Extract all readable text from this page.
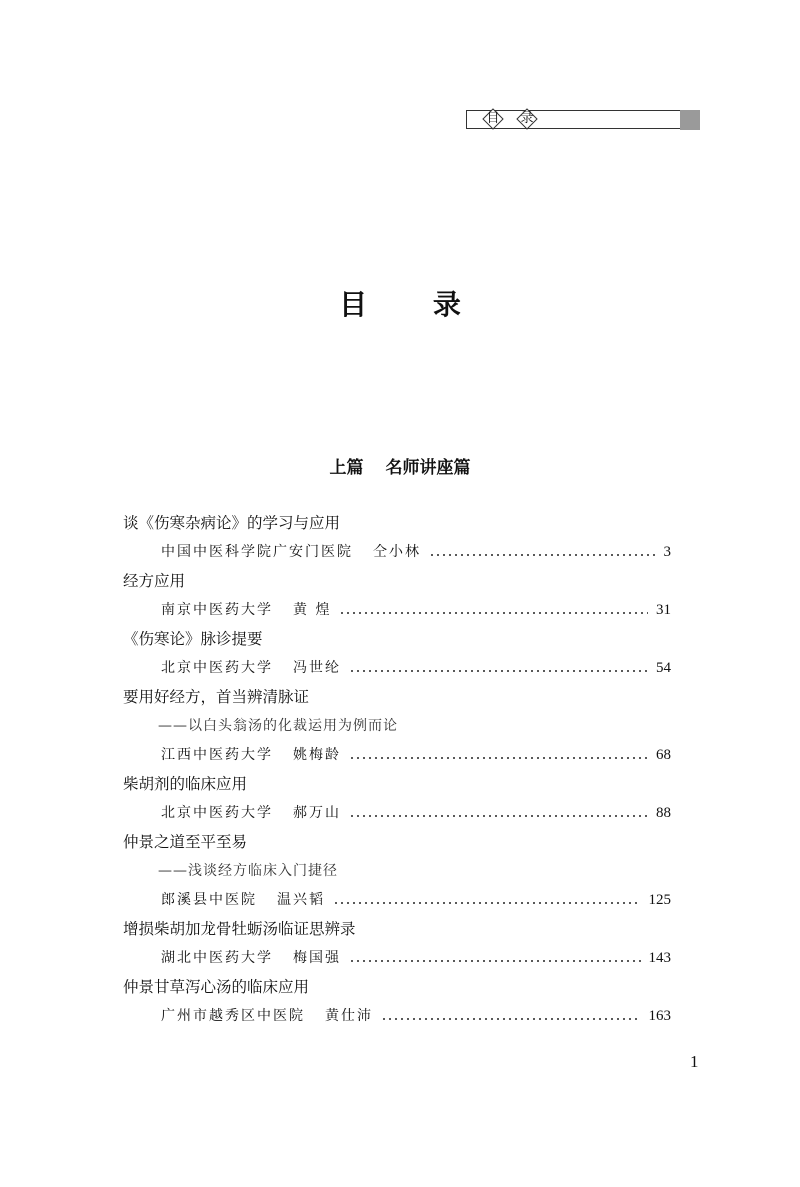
目	录
目 录
上篇 名师讲座篇
谈《伤寒杂病论》的学习与应用
中国中医科学院广安门医院 仝小林	3
经方应用
南京中医药大学 黄 煌	31
《伤寒论》脉诊提要
北京中医药大学 冯世纶	54
要用好经方，首当辨清脉证
——以白头翁汤的化裁运用为例而论
江西中医药大学 姚梅龄	68
柴胡剂的临床应用
北京中医药大学 郝万山	88
仲景之道至平至易
——浅谈经方临床入门捷径
郎溪县中医院 温兴韬	125
增损柴胡加龙骨牡蛎汤临证思辨录
湖北中医药大学 梅国强	143
仲景甘草泻心汤的临床应用
广州市越秀区中医院 黄仕沛	163
1
